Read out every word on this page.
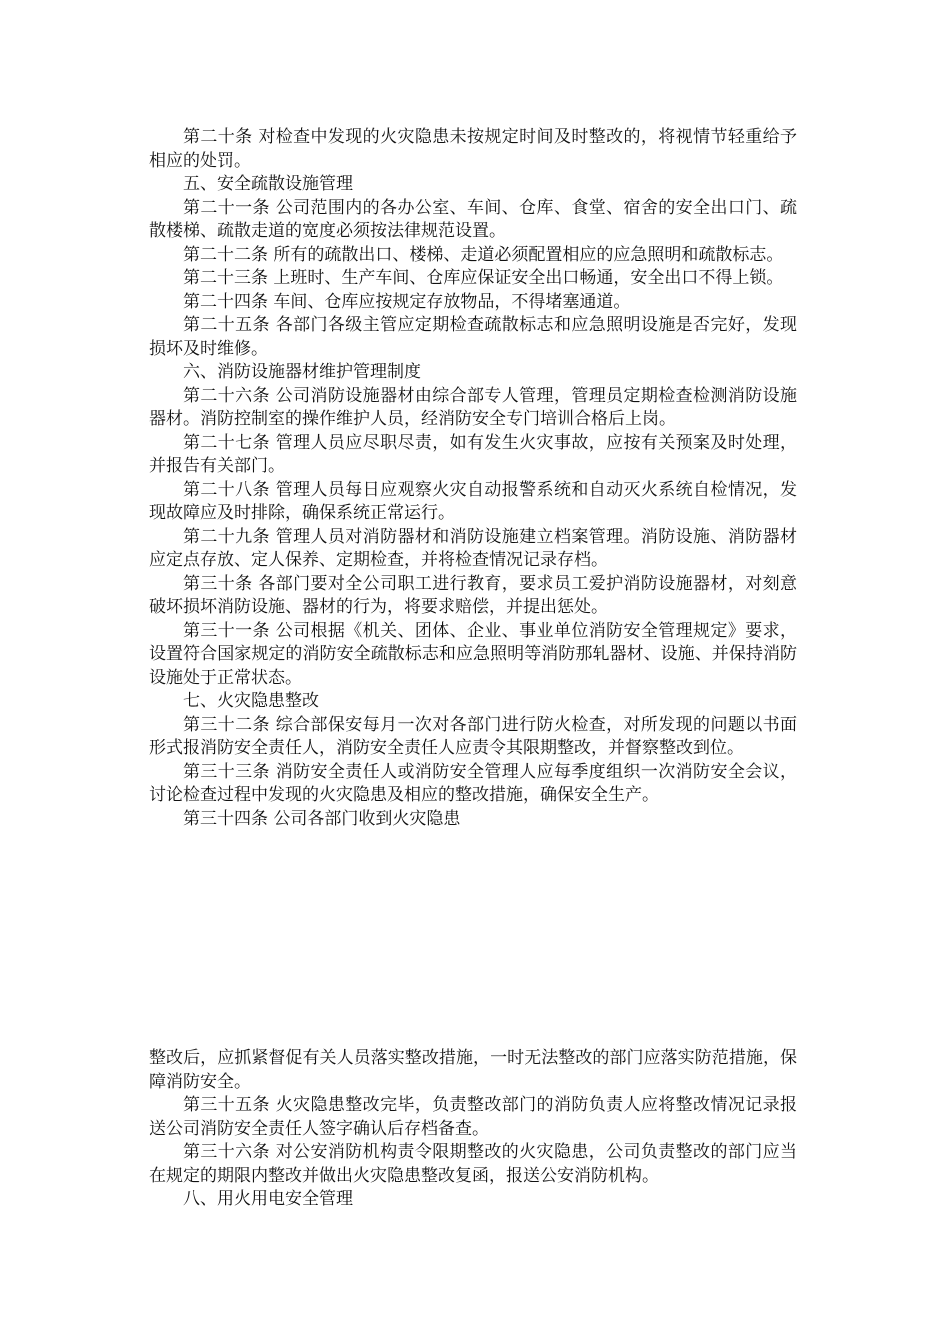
第二十条 对检查中发现的火灾隐患未按规定时间及时整改的，将视情节轻重给予相应的处罚。

五、安全疏散设施管理

第二十一条 公司范围内的各办公室、车间、仓库、食堂、宿舍的安全出口门、疏散楼梯、疏散走道的宽度必须按法律规范设置。

第二十二条 所有的疏散出口、楼梯、走道必须配置相应的应急照明和疏散标志。

第二十三条 上班时、生产车间、仓库应保证安全出口畅通，安全出口不得上锁。

第二十四条 车间、仓库应按规定存放物品，不得堵塞通道。

第二十五条 各部门各级主管应定期检查疏散标志和应急照明设施是否完好，发现损坏及时维修。

六、消防设施器材维护管理制度

第二十六条 公司消防设施器材由综合部专人管理，管理员定期检查检测消防设施器材。消防控制室的操作维护人员，经消防安全专门培训合格后上岗。

第二十七条 管理人员应尽职尽责，如有发生火灾事故，应按有关预案及时处理，并报告有关部门。

第二十八条 管理人员每日应观察火灾自动报警系统和自动灭火系统自检情况，发现故障应及时排除，确保系统正常运行。

第二十九条 管理人员对消防器材和消防设施建立档案管理。消防设施、消防器材应定点存放、定人保养、定期检查，并将检查情况记录存档。

第三十条 各部门要对全公司职工进行教育，要求员工爱护消防设施器材，对刻意破坏损坏消防设施、器材的行为，将要求赔偿，并提出惩处。

第三十一条 公司根据《机关、团体、企业、事业单位消防安全管理规定》要求，设置符合国家规定的消防安全疏散标志和应急照明等消防那轧器材、设施、并保持消防设施处于正常状态。

七、火灾隐患整改

第三十二条 综合部保安每月一次对各部门进行防火检查，对所发现的问题以书面形式报消防安全责任人，消防安全责任人应责令其限期整改，并督察整改到位。

第三十三条 消防安全责任人或消防安全管理人应每季度组织一次消防安全会议，讨论检查过程中发现的火灾隐患及相应的整改措施，确保安全生产。

第三十四条 公司各部门收到火灾隐患

整改后，应抓紧督促有关人员落实整改措施，一时无法整改的部门应落实防范措施，保障消防安全。

第三十五条 火灾隐患整改完毕，负责整改部门的消防负责人应将整改情况记录报送公司消防安全责任人签字确认后存档备查。

第三十六条 对公安消防机构责令限期整改的火灾隐患，公司负责整改的部门应当在规定的期限内整改并做出火灾隐患整改复函，报送公安消防机构。

八、用火用电安全管理
